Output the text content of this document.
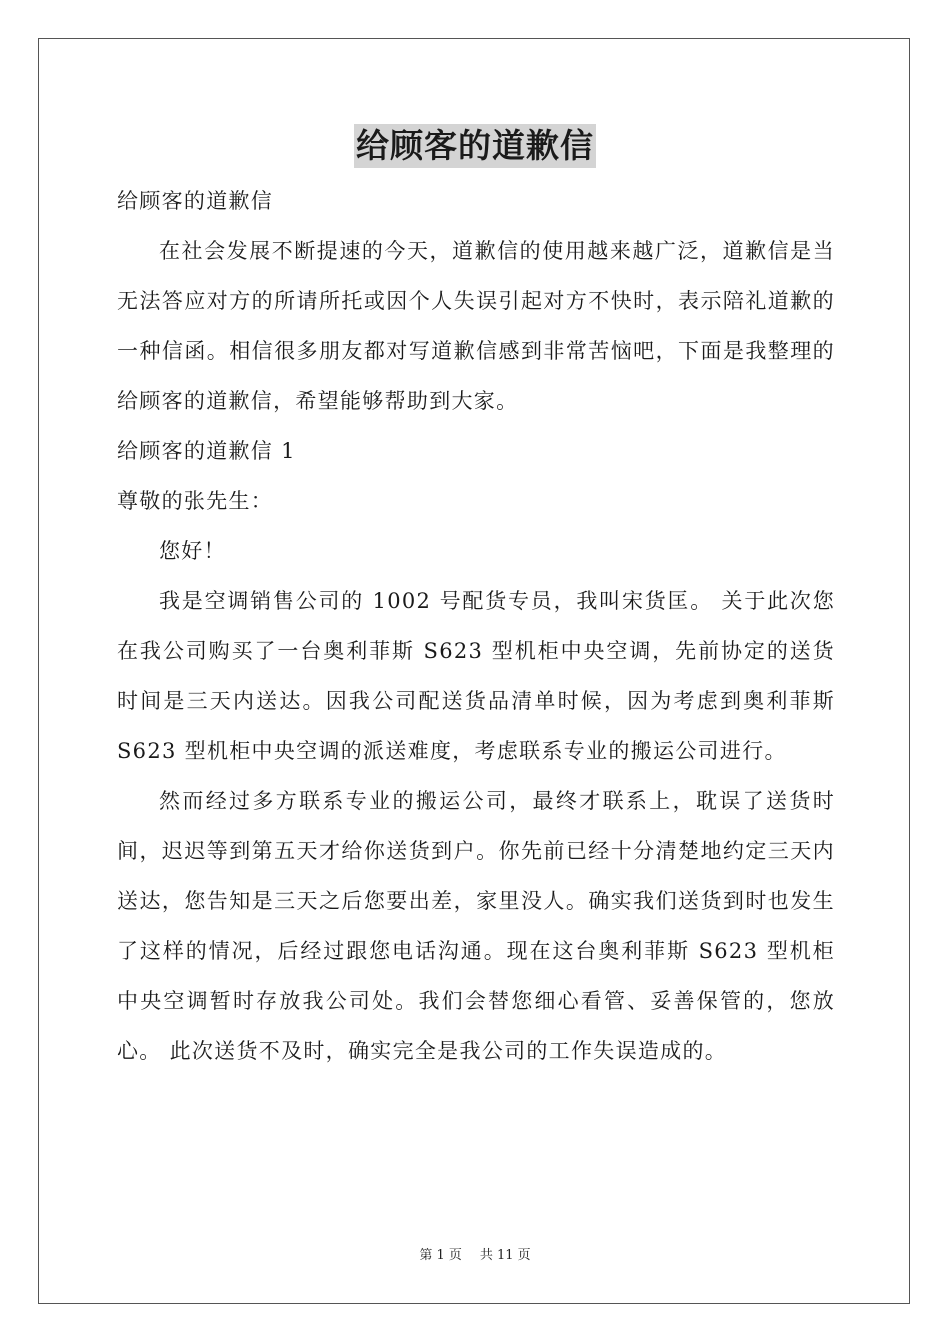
给顾客的道歉信

给顾客的道歉信

在社会发展不断提速的今天，道歉信的使用越来越广泛，道歉信是当无法答应对方的所请所托或因个人失误引起对方不快时，表示陪礼道歉的一种信函。相信很多朋友都对写道歉信感到非常苦恼吧，下面是我整理的给顾客的道歉信，希望能够帮助到大家。

给顾客的道歉信 1

尊敬的张先生：

您好！

我是空调销售公司的 1002 号配货专员，我叫宋货匡。 关于此次您在我公司购买了一台奥利菲斯 S623 型机柜中央空调，先前协定的送货时间是三天内送达。因我公司配送货品清单时候，因为考虑到奥利菲斯 S623 型机柜中央空调的派送难度，考虑联系专业的搬运公司进行。

然而经过多方联系专业的搬运公司，最终才联系上，耽误了送货时间，迟迟等到第五天才给你送货到户。你先前已经十分清楚地约定三天内送达，您告知是三天之后您要出差，家里没人。确实我们送货到时也发生了这样的情况，后经过跟您电话沟通。现在这台奥利菲斯 S623 型机柜中央空调暂时存放我公司处。我们会替您细心看管、妥善保管的，您放心。 此次送货不及时，确实完全是我公司的工作失误造成的。

第 1 页 共 11 页
